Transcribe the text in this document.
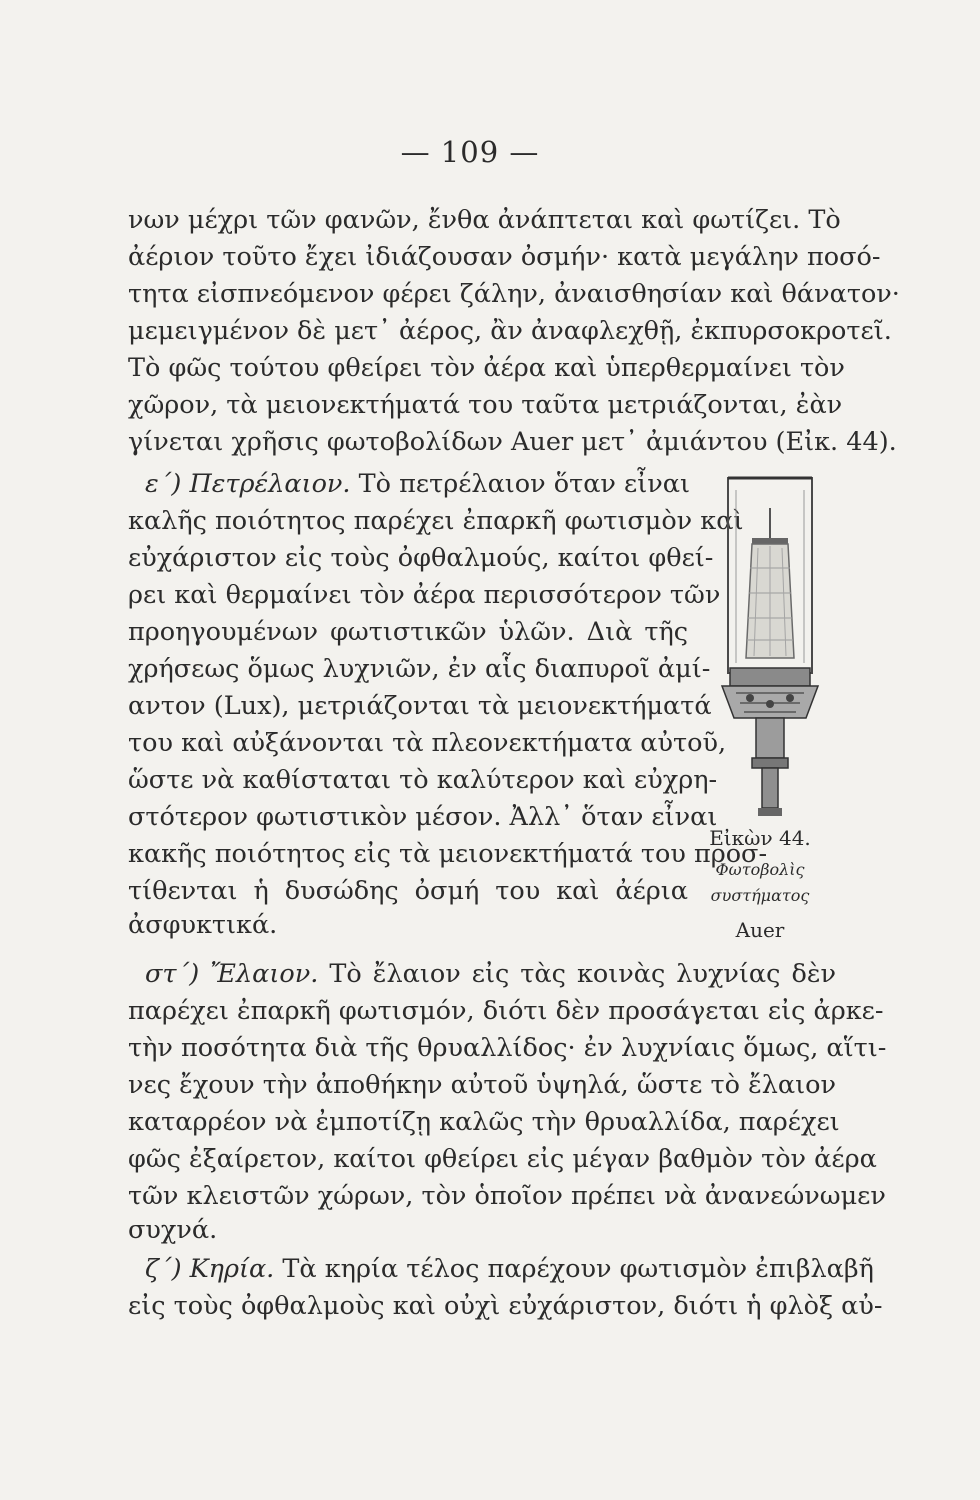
— 109 —
νων μέχρι τῶν φανῶν, ἔνθα ἀνάπτεται καὶ φωτίζει. Τὸ
ἀέριον τοῦτο ἔχει ἰδιάζουσαν ὀσμήν· κατὰ μεγάλην ποσό-
τητα εἰσπνεόμενον φέρει ζάλην, ἀναισθησίαν καὶ θάνατον·
μεμειγμένον δὲ μετ᾽ ἀέρος, ἂν ἀναφλεχθῇ, ἐκπυρσοκροτεῖ.
Τὸ φῶς τούτου φθείρει τὸν ἀέρα καὶ ὑπερθερμαίνει τὸν
χῶρον, τὰ μειονεκτήματά του ταῦτα μετριάζονται, ἐὰν
γίνεται χρῆσις φωτοβολίδων Auer μετ᾽ ἀμιάντου (Εἰκ. 44).
ε´) Πετρέλαιον. Τὸ πετρέλαιον ὅταν εἶναι
καλῆς ποιότητος παρέχει ἐπαρκῆ φωτισμὸν καὶ
εὐχάριστον εἰς τοὺς ὀφθαλμούς, καίτοι φθεί-
ρει καὶ θερμαίνει τὸν ἀέρα περισσότερον τῶν
προηγουμένων φωτιστικῶν ὑλῶν. Διὰ τῆς
χρήσεως ὅμως λυχνιῶν, ἐν αἷς διαπυροῖ ἀμί-
αντον (Lux), μετριάζονται τὰ μειονεκτήματά
του καὶ αὐξάνονται τὰ πλεονεκτήματα αὐτοῦ,
ὥστε νὰ καθίσταται τὸ καλύτερον καὶ εὐχρη-
στότερον φωτιστικὸν μέσον. Ἀλλ᾽ ὅταν εἶναι
κακῆς ποιότητος εἰς τὰ μειονεκτήματά του προσ-
τίθενται ἡ δυσώδης ὀσμή του καὶ ἀέρια
ἀσφυκτικά.
Εἰκὼν 44.
Φωτοβολὶς
συστήματος
Auer
στ´) Ἔλαιον. Τὸ ἔλαιον εἰς τὰς κοινὰς λυχνίας δὲν
παρέχει ἐπαρκῆ φωτισμόν, διότι δὲν προσάγεται εἰς ἀρκε-
τὴν ποσότητα διὰ τῆς θρυαλλίδος· ἐν λυχνίαις ὅμως, αἵτι-
νες ἔχουν τὴν ἀποθήκην αὐτοῦ ὑψηλά, ὥστε τὸ ἔλαιον
καταρρέον νὰ ἐμποτίζῃ καλῶς τὴν θρυαλλίδα, παρέχει
φῶς ἐξαίρετον, καίτοι φθείρει εἰς μέγαν βαθμὸν τὸν ἀέρα
τῶν κλειστῶν χώρων, τὸν ὁποῖον πρέπει νὰ ἀνανεώνωμεν
συχνά.
ζ´) Κηρία. Τὰ κηρία τέλος παρέχουν φωτισμὸν ἐπιβλαβῆ
εἰς τοὺς ὀφθαλμοὺς καὶ οὐχὶ εὐχάριστον, διότι ἡ φλὸξ αὐ-
